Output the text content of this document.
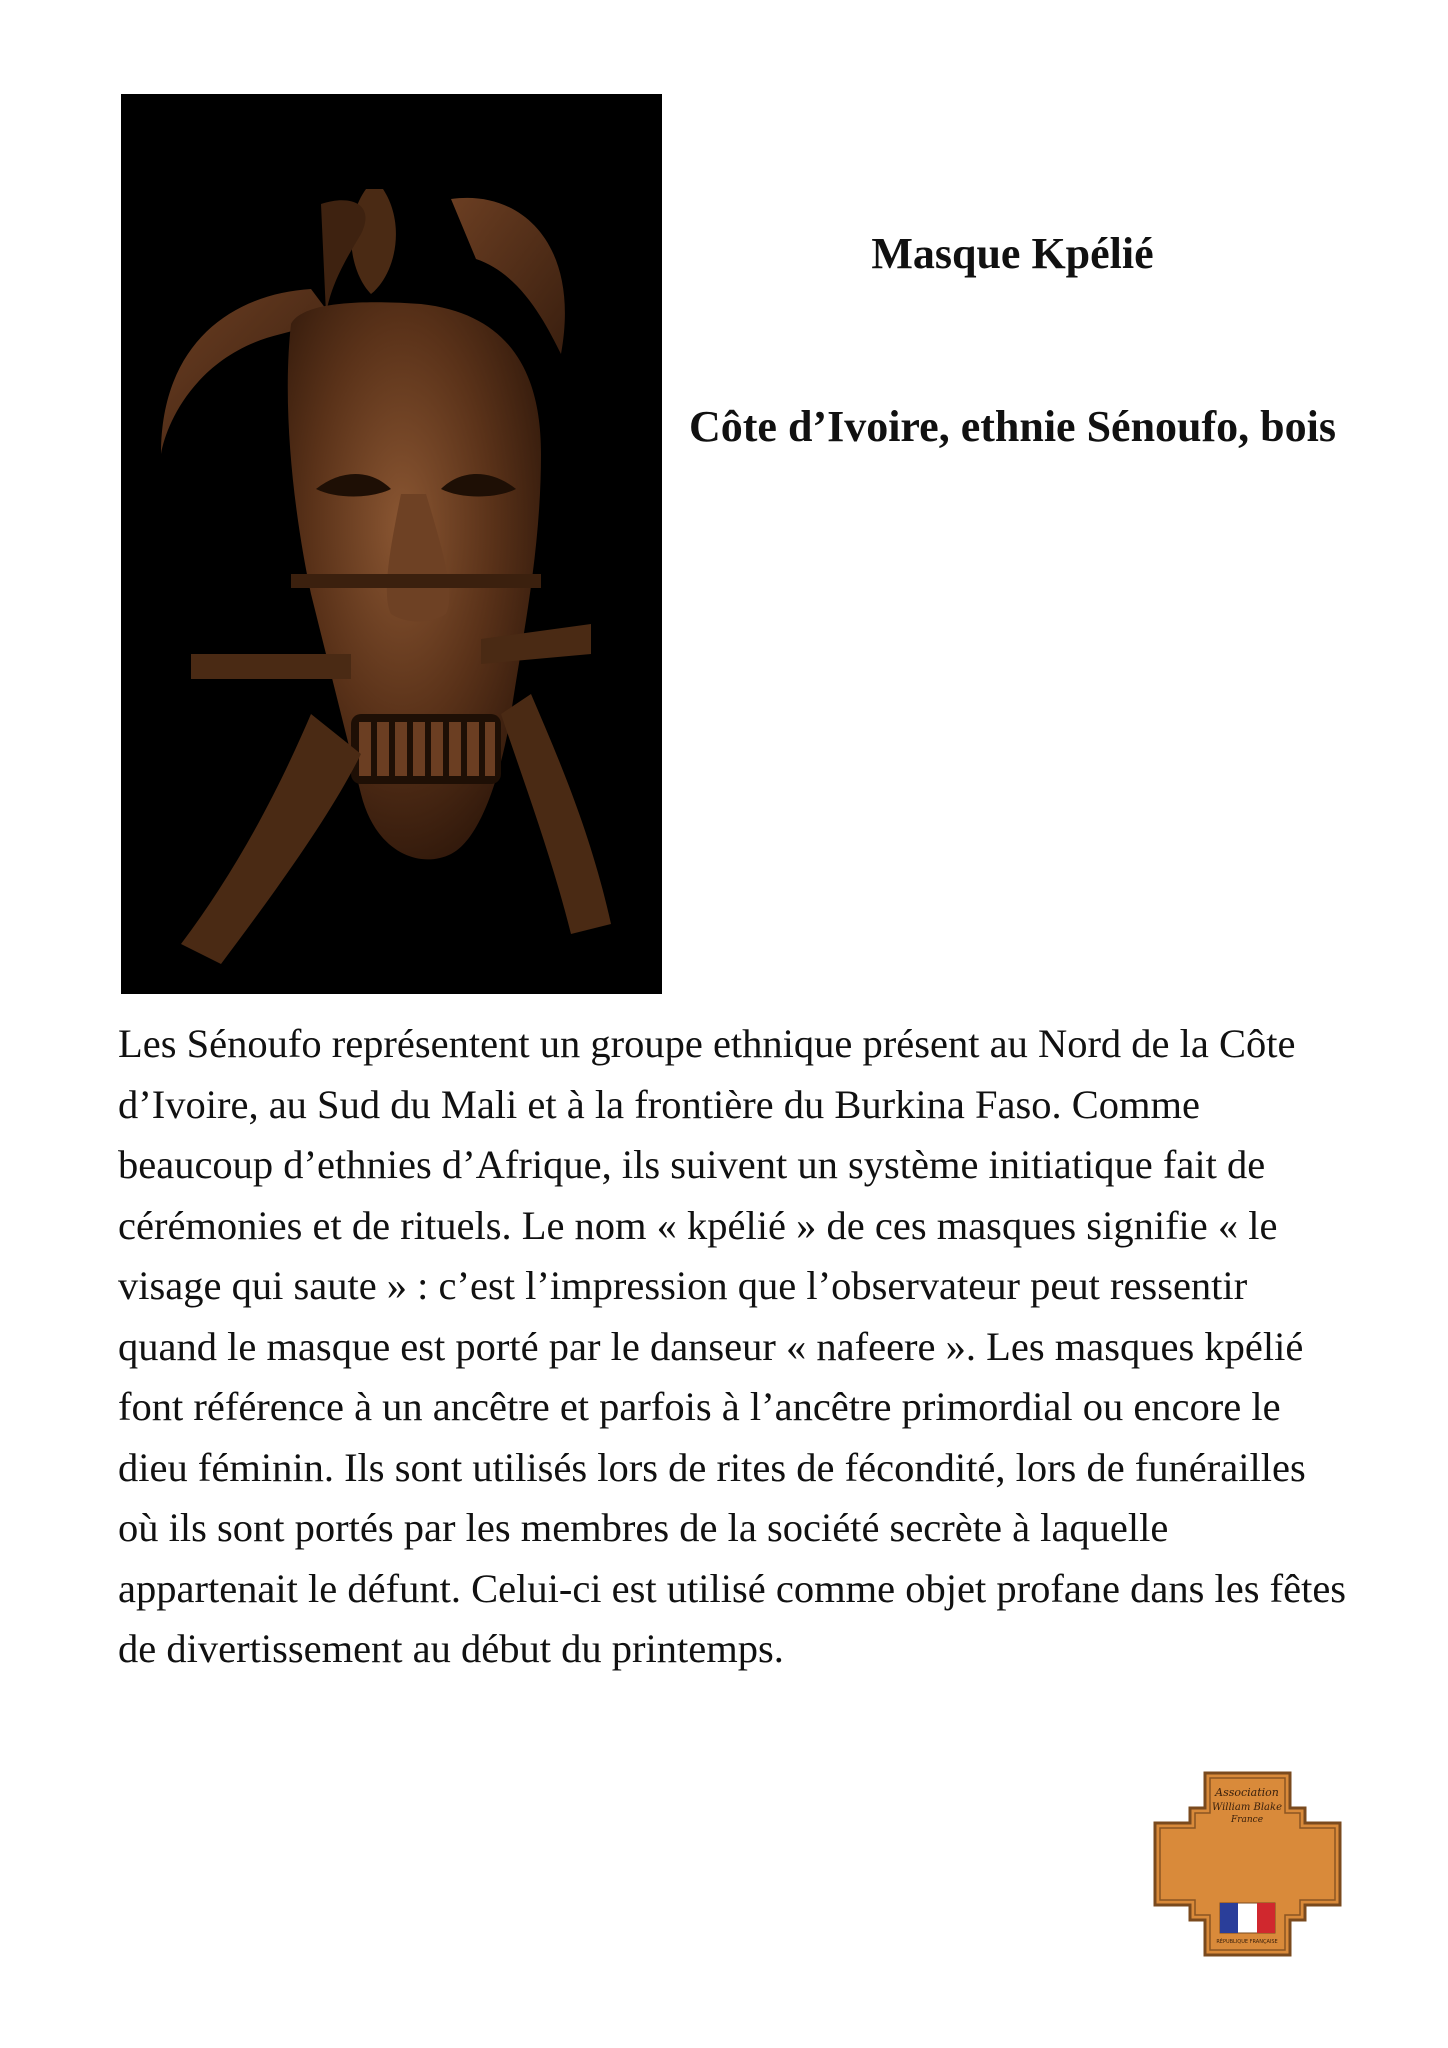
Masque Kpélié
Côte d’Ivoire, ethnie Sénoufo, bois

Les Sénoufo représentent un groupe ethnique présent au Nord de la Côte d’Ivoire, au Sud du Mali et à la frontière du Burkina Faso. Comme beaucoup d’ethnies d’Afrique, ils suivent un système initiatique fait de cérémonies et de rituels. Le nom « kpélié » de ces masques signifie « le visage qui saute » : c’est l’impression que l’observateur peut ressentir quand le masque est porté par le danseur « nafeere ». Les masques kpélié font référence à un ancêtre et parfois à l’ancêtre primordial ou encore le dieu féminin. Ils sont utilisés lors de rites de fécondité, lors de funérailles où ils sont portés par les membres de la société secrète à laquelle appartenait le défunt. Celui-ci est utilisé comme objet profane dans les fêtes de divertissement au début du printemps.

Association
William Blake
France
RÉPUBLIQUE FRANÇAISE
